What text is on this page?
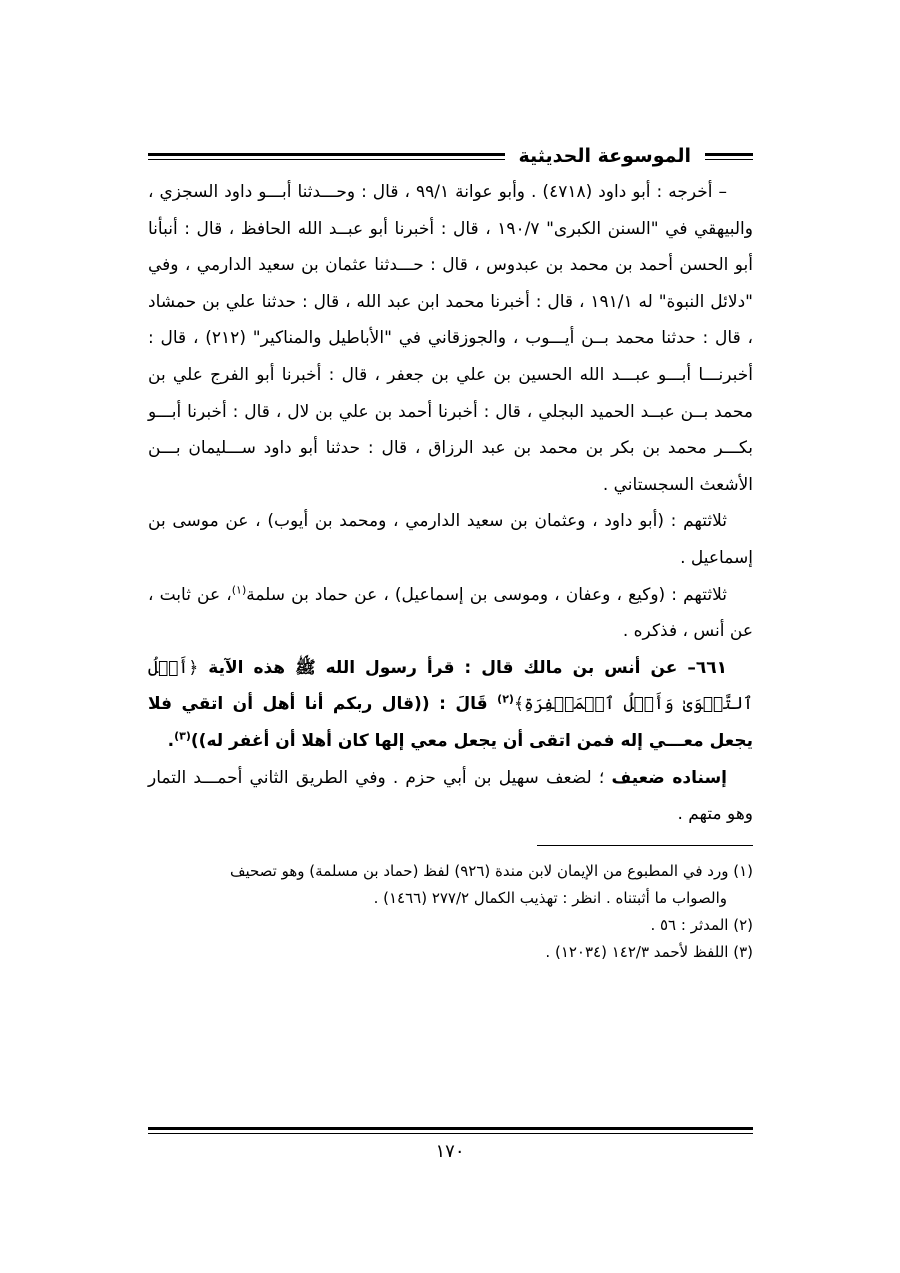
الموسوعة الحديثية

– أخرجه : أبو داود (٤٧١٨) . وأبو عوانة ٩٩/١ ، قال : وحـــدثنا أبـــو داود السجزي ، والبيهقي في "السنن الكبرى" ١٩٠/٧ ، قال : أخبرنا أبو عبــد الله الحافظ ، قال : أنبأنا أبو الحسن أحمد بن محمد بن عبدوس ، قال : حـــدثنا عثمان بن سعيد الدارمي ، وفي "دلائل النبوة" له ١٩١/١ ، قال : أخبرنا محمد ابن عبد الله ، قال : حدثنا علي بن حمشاد ، قال : حدثنا محمد بــن أيـــوب ، والجوزقاني في "الأباطيل والمناكير" (٢١٢) ، قال : أخبرنـــا أبـــو عبـــد الله الحسين بن علي بن جعفر ، قال : أخبرنا أبو الفرج علي بن محمد بــن عبــد الحميد البجلي ، قال : أخبرنا أحمد بن علي بن لال ، قال : أخبرنا أبـــو بكـــر محمد بن بكر بن محمد بن عبد الرزاق ، قال : حدثنا أبو داود ســـليمان بـــن الأشعث السجستاني .

ثلاثتهم : (أبو داود ، وعثمان بن سعيد الدارمي ، ومحمد بن أيوب) ، عن موسى بن إسماعيل .

ثلاثتهم : (وكيع ، وعفان ، وموسى بن إسماعيل) ، عن حماد بن سلمة$^{(١)}$، عن ثابت ، عن أنس ، فذكره .

٦٦١– عن أنس بن مالك قال : قرأ رسول الله ﷺ هذه الآية ﴿أَهۡلُ ٱلتَّقۡوَىٰ وَأَهۡلُ ٱلۡمَغۡفِرَةِ﴾$^{(٢)}$ قَالَ : ((قال ربكم أنا أهل أن اتقي فلا يجعل معـــي إله فمن اتقى أن يجعل معي إلها كان أهلا أن أغفر له))$^{(٣)}$.

إسناده ضعيف ؛ لضعف سهيل بن أبي حزم . وفي الطريق الثاني أحمـــد التمار وهو متهم .

(١) ورد في المطبوع من الإيمان لابن مندة (٩٢٦) لفظ (حماد بن مسلمة) وهو تصحيف

والصواب ما أثبتناه . انظر : تهذيب الكمال ٢٧٧/٢ (١٤٦٦) .

(٢) المدثر : ٥٦ .

(٣) اللفظ لأحمد ١٤٢/٣ (١٢٠٣٤) .

١٧٠
